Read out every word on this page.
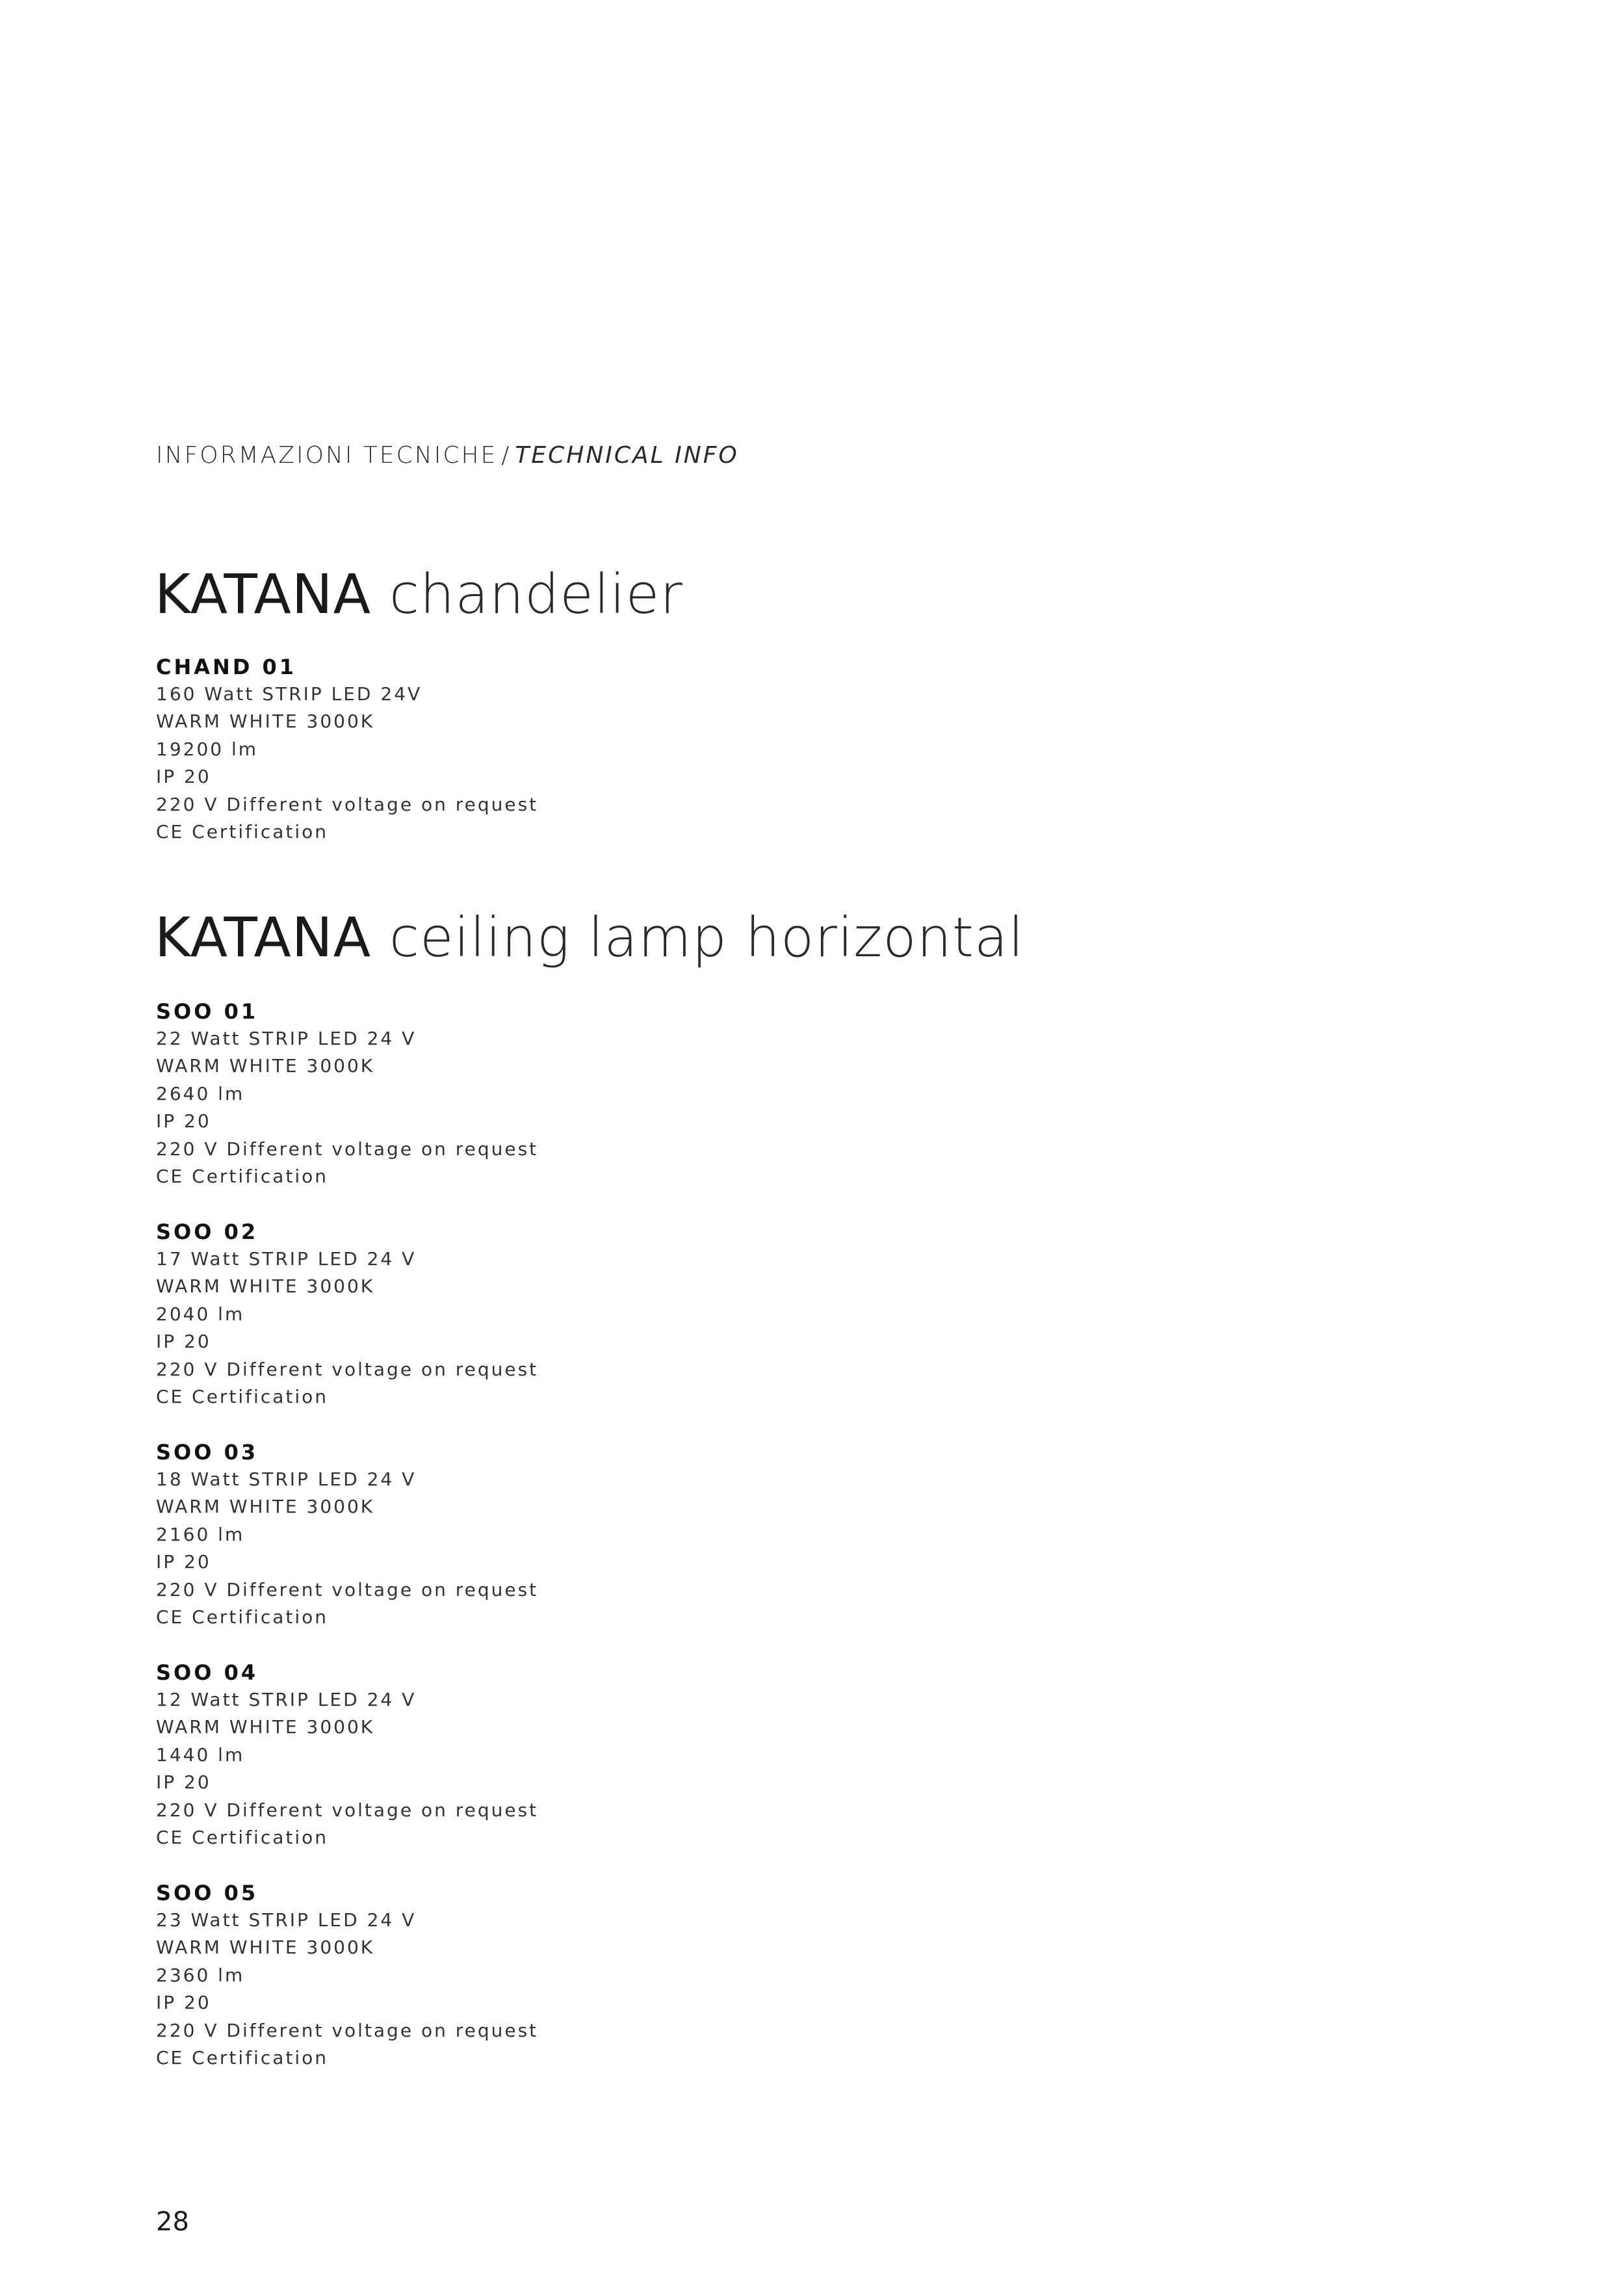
INFORMAZIONI TECNICHE / TECHNICAL INFO
KATANA chandelier
CHAND 01
160 Watt STRIP LED 24V
WARM WHITE 3000K
19200 lm
IP 20
220 V Different voltage on request
CE Certification
KATANA ceiling lamp horizontal
SOO 01
22 Watt STRIP LED 24 V
WARM WHITE 3000K
2640 lm
IP 20
220 V Different voltage on request
CE Certification
SOO 02
17 Watt STRIP LED 24 V
WARM WHITE 3000K
2040 lm
IP 20
220 V Different voltage on request
CE Certification
SOO 03
18 Watt STRIP LED 24 V
WARM WHITE 3000K
2160 lm
IP 20
220 V Different voltage on request
CE Certification
SOO 04
12 Watt STRIP LED 24 V
WARM WHITE 3000K
1440 lm
IP 20
220 V Different voltage on request
CE Certification
SOO 05
23 Watt STRIP LED 24 V
WARM WHITE 3000K
2360 lm
IP 20
220 V Different voltage on request
CE Certification
28
